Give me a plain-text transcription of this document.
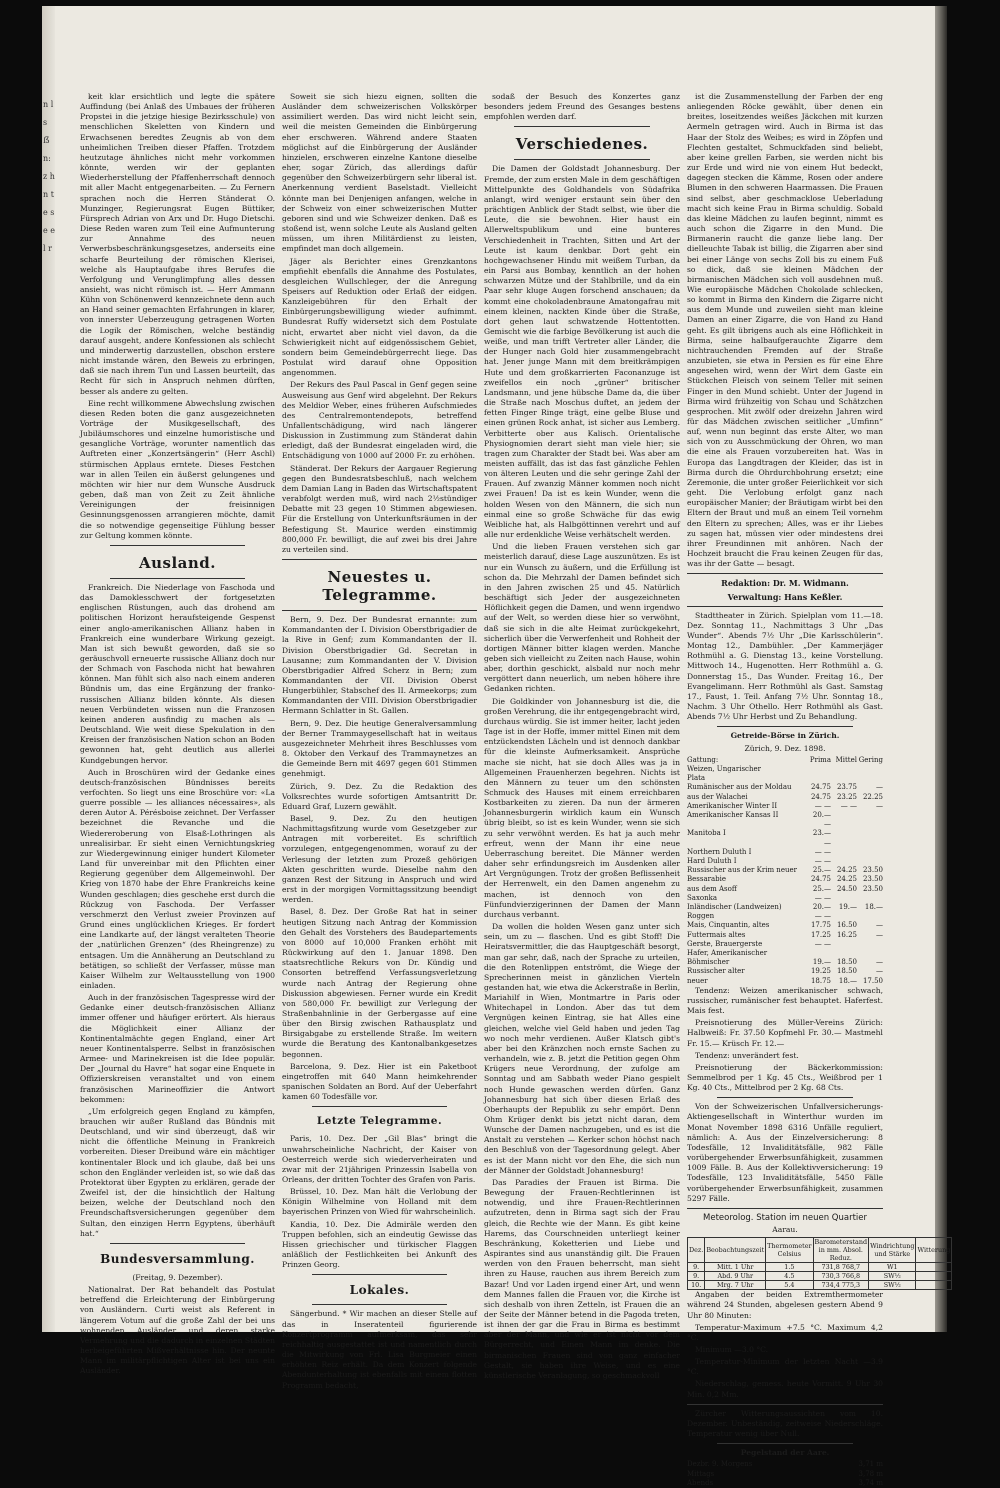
n l s ẞ n: z h n t e s e e l r

keit klar ersichtlich und legte die spätere Auffindung (bei Anlaß des Umbaues der früheren Propstei in die jetzige hiesige Bezirksschule) von menschlichen Skeletten von Kindern und Erwachsenen beredtes Zeugnis ab von dem unheimlichen Treiben dieser Pfaffen. Trotzdem heutzutage ähnliches nicht mehr vorkommen könnte, werden wir der geplanten Wiederherstellung der Pfaffenherrschaft dennoch mit aller Macht entgegenarbeiten. — Zu Fernern sprachen noch die Herren Ständerat O. Munzinger, Regierungsrat Eugen Büttiker, Fürsprech Adrian von Arx und Dr. Hugo Dietschi. Diese Reden waren zum Teil eine Aufmunterung zur Annahme des neuen Verwerbsbeschränkungsgesetzes, anderseits eine scharfe Beurteilung der römischen Klerisei, welche als Hauptaufgabe ihres Berufes die Verfolgung und Verunglimpfung alles dessen ansieht, was nicht römisch ist. — Herr Ammann Kühn von Schönenwerd kennzeichnete denn auch an Hand seiner gemachten Erfahrungen in klarer, von innerster Ueberzeugung getragenen Worten die Logik der Römischen, welche beständig darauf ausgeht, andere Konfessionen als schlecht und minderwertig darzustellen, obschon erstere nicht imstande wären, den Beweis zu erbringen, daß sie nach ihrem Tun und Lassen beurteilt, das Recht für sich in Anspruch nehmen dürften, besser als andere zu gelten.

Eine recht willkommene Abwechslung zwischen diesen Reden boten die ganz ausgezeichneten Vorträge der Musikgesellschaft, des Jubiläumschores und einzelne humoristische und gesangliche Vorträge, worunter namentlich das Auftreten einer „Konzertsängerin“ (Herr Aschl) stürmischen Applaus erntete. Dieses Festchen war in allen Teilen ein äußerst gelungenes und möchten wir hier nur dem Wunsche Ausdruck geben, daß man von Zeit zu Zeit ähnliche Vereinigungen der freisinnigen Gesinnungsgenossen arrangieren möchte, damit die so notwendige gegenseitige Fühlung besser zur Geltung kommen könnte.

Ausland.

Frankreich. Die Niederlage von Faschoda und das Damoklesschwert der fortgesetzten englischen Rüstungen, auch das drohend am politischen Horizont heraufsteigende Gespenst einer anglo-amerikanischen Allianz haben in Frankreich eine wunderbare Wirkung gezeigt. Man ist sich bewußt geworden, daß sie so geräuschvoll erneuerte russische Allianz doch nur der Schmach von Faschoda nicht hat bewahren können. Man fühlt sich also nach einem anderen Bündnis um, das eine Ergänzung der franko-russischen Allianz bilden könnte. Als diesen neuen Verbündeten wissen nun die Franzosen keinen anderen ausfindig zu machen als — Deutschland. Wie weit diese Spekulation in den Kreisen der französischen Nation schon an Boden gewonnen hat, geht deutlich aus allerlei Kundgebungen hervor.

Auch in Broschüren wird der Gedanke eines deutsch-französischen Bündnisses bereits verfochten. So liegt uns eine Broschüre vor: «La guerre possible — les alliances nécessaires», als deren Autor A. Pérésboise zeichnet. Der Verfasser bezeichnet die Revanche und die Wiedereroberung von Elsaß-Lothringen als unrealisirbar. Er sieht einen Vernichtungskrieg zur Wiedergewinnung einiger hundert Kilometer Land für unvereinbar mit den Pflichten einer Regierung gegenüber dem Allgemeinwohl. Der Krieg von 1870 habe der Ehre Frankreichs keine Wunden geschlagen; dies geschehe erst durch die Rückzug von Faschoda. Der Verfasser verschmerzt den Verlust zweier Provinzen auf Grund eines unglücklichen Krieges. Er fordert eine Landkarte auf, der längst veralteten Theorie der „natürlichen Grenzen“ (des Rheingrenze) zu entsagen. Um die Annäherung an Deutschland zu betätigen, so schließt der Verfasser, müsse man Kaiser Wilhelm zur Weltausstellung von 1900 einladen.

Auch in der französischen Tagespresse wird der Gedanke einer deutsch-französischen Allianz immer offener und häufiger erörtert. Als hieraus die Möglichkeit einer Allianz der Kontinentalmächte gegen England, einer Art neuer Kontinentalsperre. Selbst in französischen Armee- und Marinekreisen ist die Idee populär. Der „Journal du Havre“ hat sogar eine Enquete in Offizierskreisen veranstaltet und von einem französischen Marineoffizier die Antwort bekommen:

„Um erfolgreich gegen England zu kämpfen, brauchen wir außer Rußland das Bündnis mit Deutschland, und wir sind überzeugt, daß wir nicht die öffentliche Meinung in Frankreich vorbereiten. Dieser Dreibund wäre ein mächtiger kontinentaler Block und ich glaube, daß bei uns schon den Engländer verleiden ist, so wie daß das Protektorat über Egypten zu erklären, gerade der Zweifel ist, der die hinsichtlich der Haltung beizen, welche der Deutschland noch den Freundschaftsversicherungen gegenüber dem Sultan, den einzigen Herrn Egyptens, überhäuft hat.“

Bundesversammlung.
(Freitag, 9. Dezember).

Nationalrat. Der Rat behandelt das Postulat betreffend die Erleichterung der Einbürgerung von Ausländern. Curti weist als Referent in längerem Votum auf die große Zahl der bei uns wohnenden Ausländer und deren starke Vermehrung und die dadurch in einzelnen Städten herbeigeführten Mißverhältnisse hin. Der neunte Mann im militärpflichtigen Alter ist bei uns ein Ausländer.

Soweit sie sich hiezu eignen, sollten die Ausländer dem schweizerischen Volkskörper assimiliert werden. Das wird nicht leicht sein, weil die meisten Gemeinden die Einbürgerung eher erschweren. Während andere Staaten möglichst auf die Einbürgerung der Ausländer hinzielen, erschweren einzelne Kantone dieselbe eher, sogar Zürich, das allerdings dafür gegenüber den Schweizerbürgern sehr liberal ist. Anerkennung verdient Baselstadt. Vielleicht könnte man bei Denjenigen anfangen, welche in der Schweiz von einer schweizerischen Mutter geboren sind und wie Schweizer denken. Daß es stoßend ist, wenn solche Leute als Ausland gelten müssen, um ihren Militärdienst zu leisten, empfindet man doch allgemein.

Jäger als Berichter eines Grenzkantons empfiehlt ebenfalls die Annahme des Postulates, desgleichen Wullschleger, der die Anregung Speisers auf Reduktion oder Erlaß der eidgen. Kanzleigebühren für den Erhalt der Einbürgerungsbewilligung wieder aufnimmt. Bundesrat Ruffy widersetzt sich dem Postulate nicht, erwartet aber nicht viel davon, da die Schwierigkeit nicht auf eidgenössischem Gebiet, sondern beim Gemeindebürgerrecht liege. Das Postulat wird darauf ohne Opposition angenommen.

Der Rekurs des Paul Pascal in Genf gegen seine Ausweisung aus Genf wird abgelehnt. Der Rekurs des Meldior Weber, eines früheren Aufschmiedes des Centralremontendepots, betreffend Unfallentschädigung, wird nach längerer Diskussion in Zustimmung zum Ständerat dahin erledigt, daß der Bundesrat eingeladen wird, die Entschädigung von 1000 auf 2000 Fr. zu erhöhen.

Ständerat. Der Rekurs der Aargauer Regierung gegen den Bundesratsbeschluß, nach welchem dem Damian Lang in Baden das Wirtschaftspatent verabfolgt werden muß, wird nach 2½stündiger Debatte mit 23 gegen 10 Stimmen abgewiesen. Für die Erstellung von Unterkunftsräumen in der Befestigung St. Maurice werden einstimmig 800,000 Fr. bewilligt, die auf zwei bis drei Jahre zu verteilen sind.

Neuestes u. Telegramme.

Bern, 9. Dez. Der Bundesrat ernannte: zum Kommandanten der I. Division Oberstbrigadier de la Rive in Genf; zum Kommandanten der II. Division Oberstbrigadier Gd. Secretan in Lausanne; zum Kommandanten der V. Division Oberstbrigadier Alfred Scherz in Bern; zum Kommandanten der VII. Division Oberst Hungerbühler, Stabschef des II. Armeekorps; zum Kommandanten der VIII. Division Oberstbrigadier Hermann Schlatter in St. Gallen.

Bern, 9. Dez. Die heutige Generalversammlung der Berner Trammaygesellschaft hat in weitaus ausgezeichneter Mehrheit ihres Beschlusses vom 8. Oktober den Verkauf des Trammaynetzes an die Gemeinde Bern mit 4697 gegen 601 Stimmen genehmigt.

Zürich, 9. Dez. Zu die Redaktion des Volksrechtes wurde sofortigen Amtsantritt Dr. Eduard Graf, Luzern gewählt.

Basel, 9. Dez. Zu den heutigen Nachmittagsfitzung wurde vom Gesetzgeber zur Antragen mit vorbereitet. Es schriftlich vorzulegen, entgegengenommen, worauf zu der Verlesung der letzten zum Prozeß gehörigen Akten geschritten wurde. Dieselbe nahm den ganzen Rest der Sitzung in Anspruch und wird erst in der morgigen Vormittagssitzung beendigt werden.

Basel, 8. Dez. Der Große Rat hat in seiner heutigen Sitzung nach Antrag der Kommission den Gehalt des Vorstehers des Baudepartements von 8000 auf 10,000 Franken erhöht mit Rückwirkung auf den 1. Januar 1898. Den staatsrechtliche Rekurs von Dr. Kündig und Consorten betreffend Verfassungsverletzung wurde nach Antrag der Regierung ohne Diskussion abgewiesen. Ferner wurde ein Kredit von 580,000 Fr. bewilligt zur Verlegung der Straßenbahnlinie in der Gerbergasse auf eine über den Birsig zwischen Rathausplatz und Birsigabgabe zu erstellende Straße. Im weitern wurde die Beratung des Kantonalbankgesetzes begonnen.

Barcelona, 9. Dez. Hier ist ein Paketboot eingetroffen mit 640 Mann heimkehrender spanischen Soldaten an Bord. Auf der Ueberfahrt kamen 60 Todesfälle vor.

Letzte Telegramme.

Paris, 10. Dez. Der „Gil Blas“ bringt die unwahrscheinliche Nachricht, der Kaiser von Oesterreich werde sich wiederverheiraten und zwar mit der 21jährigen Prinzessin Isabella von Orleans, der dritten Tochter des Grafen von Paris.

Brüssel, 10. Dez. Man hält die Verlobung der Königin Wilhelmine von Holland mit dem bayerischen Prinzen von Wied für wahrscheinlich.

Kandia, 10. Dez. Die Admiräle werden den Truppen befohlen, sich an eindeutig Gewisse das Hissen griechischer und türkischer Flaggen anläßlich der Festlichkeiten bei Ankunft des Prinzen Georg.

Lokales.

Sängerbund. * Wir machen an dieser Stelle auf das in Inseratenteil figurierende Konzertprogramm aufmerksam, das sehr reichhaltig ausgestattet ist und namentlich durch die Mitwirkung von Frl. Lisa Burgmeier einen erhöhten Reiz erhält. Da dem Konzert folgende Abendunterhaltung ist ebenfalls mit einem flotten Programm bedacht,

sodaß der Besuch des Konzertes ganz besonders jedem Freund des Gesanges bestens empfohlen werden darf.

Verschiedenes.

Die Damen der Goldstadt Johannesburg. Der Fremde, der zum ersten Male in dem geschäftigen Mittelpunkte des Goldhandels von Südafrika anlangt, wird weniger erstaunt sein über den prächtigen Anblick der Stadt selbst, wie über die Leute, die sie bewohnen. Hier haust ein Allerweltspublikum und eine bunteres Verschiedenheit in Trachten, Sitten und Art der Leute ist kaum denkbar. Dort geht ein hochgewachsener Hindu mit weißem Turban, da ein Parsi aus Bombay, kenntlich an der hohen schwarzen Mütze und der Stahlbrille, und da ein Paar sehr kluge Augen forschend anschauen; da kommt eine chokoladenbraune Amatongafrau mit einem kleinen, nackten Kinde über die Straße, dort gehen laut schwatzende Hottentotten. Gemischt wie die farbige Bevölkerung ist auch die weiße, und man trifft Vertreter aller Länder, die der Hunger nach Gold hier zusammengebracht hat. Jener junge Mann mit dem breitkrämpigen Hute und dem großkarrierten Faconanzuge ist zweifellos ein noch „grüner“ britischer Landsmann, und jene hübsche Dame da, die über die Straße nach Moschus duftet, an jedem der fetten Finger Ringe trägt, eine gelbe Bluse und einen grünen Rock anhat, ist sicher aus Lemberg. Verbitterte ober aus Kalisch. Orientalische Physiognomien derart sieht man viele hier; sie tragen zum Charakter der Stadt bei. Was aber am meisten auffällt, das ist das fast gänzliche Fehlen von älteren Leuten und die sehr geringe Zahl der Frauen. Auf zwanzig Männer kommen noch nicht zwei Frauen! Da ist es kein Wunder, wenn die holden Wesen von den Männern, die sich nun einmal eine so große Schwäche für das ewig Weibliche hat, als Halbgöttinnen verehrt und auf alle nur erdenkliche Weise verhätschelt werden.

Und die lieben Frauen verstehen sich gar meisterlich darauf, diese Lage auszunützen. Es ist nur ein Wunsch zu äußern, und die Erfüllung ist schon da. Die Mehrzahl der Damen befindet sich in den Jahren zwischen 25 und 45. Natürlich beschäftigt sich Jeder der ausgezeichneten Höflichkeit gegen die Damen, und wenn irgendwo auf der Welt, so werden diese hier so verwöhnt, daß sie sich in die alte Heimat zurückgekehrt, sicherlich über die Verwerfenheit und Rohheit der dortigen Männer bitter klagen werden. Manche geben sich vielleicht zu Zeiten nach Hause, wohin aber, dorthin geschickt, alsbald nur noch mehr vergöttert dann neuerlich, um neben höhere ihre Gedanken richten.

Die Goldkinder von Johannesburg ist die, die großen Verehrung, die ihr entgegengebracht wird, durchaus würdig. Sie ist immer heiter, lacht jeden Tage ist in der Hoffe, immer mittel Einen mit dem entzückendsten Lächeln und ist dennoch dankbar für die kleinste Aufmerksamkeit. Ansprüche mache sie nicht, hat sie doch Alles was ja in Allgemeinen Frauenherzen begehren. Nichts ist den Männern zu teuer um den schönsten Schmuck des Hauses mit einem erreichbaren Kostbarkeiten zu zieren. Da nun der ärmeren Johannesburgerin wirklich kaum ein Wunsch übrig bleibt, so ist es kein Wunder, wenn sie sich zu sehr verwöhnt werden. Es hat ja auch mehr erfreut, wenn der Mann ihr eine neue Ueberraschung bereitet. Die Männer werden daher sehr erfindungsreich im Ausdenken aller Art Vergnügungen. Trotz der großen Beflissenheit der Herrenwelt, ein den Damen angenehm zu machen, ist dennoch von den Fünfundvierzigerinnen der Damen der Mann durchaus verbannt.

Da wollen die holden Wesen ganz unter sich sein, um zu — flaschen. Und es gibt Stoff! Die Heiratsvermittler, die das Hauptgeschäft besorgt, man gar sehr, daß, nach der Sprache zu urteilen, die den Rotenlippen entströmt, die Wiege der Sprecherinnen meist in gänzlichen Vierteln gestanden hat, wie etwa die Ackerstraße in Berlin, Mariahilf in Wien, Montmartre in Paris oder Whitechapel in London. Aber das tut dem Vergnügen keinen Eintrag, sie hat Alles eine gleichen, welche viel Geld haben und jeden Tag wo noch mehr verdienen. Außer Klatsch gibt's aber bei den Kränzchen noch ernste Sachen zu verhandeln, wie z. B. jetzt die Petition gegen Ohm Krügers neue Verordnung, der zufolge am Sonntag und am Sabbath weder Piano gespielt noch Hunde gewaschen werden dürfen. Ganz Johannesburg hat sich über diesen Erlaß des Oberhaupts der Republik zu sehr empört. Denn Ohm Krüger denkt bis jetzt nicht daran, dem Wunsche der Damen nachzugeben, und es ist die Anstalt zu verstehen — Kerker schon höchst nach den Beschluß von der Tagesordnung gelegt. Aber es ist der Mann nicht vor den Ehe, die sich nun der Männer der Goldstadt Johannesburg!

Das Paradies der Frauen ist Birma. Die Bewegung der Frauen-Rechtlerinnen ist notwendig, und ihre Frauen-Rechtlerinnen aufzutreten, denn in Birma sagt sich der Frau gleich, die Rechte wie der Mann. Es gibt keine Harems, das Courschneiden unterliegt keiner Beschränkung, Koketterien und Liebe und Aspirantes sind aus unanständig gilt. Die Frauen werden von den Frauen beherrscht, man sieht ihren zu Hause, rauchen aus ihrem Bereich zum Bazar! Und vor Laden irgend einer Art, und wenn dem Mannes fallen die Frauen vor, die Kirche ist sich deshalb von ihren Zetteln, ist Frauen die an der Seite der Männer betend in die Pagoda treten, ist ihnen der gar die Frau in Birma es bestimmt aber der Mann, und wie er ist nicht vor dem Bürgerrecht, und Einen Mann im denke. Die birmanischen Frauen sind von ganz einfacher Gestalt, sie haben ihre Weise, und es eine künstlerische Veranlagung, so geschmackvoll

ist die Zusammenstellung der Farben der eng anliegenden Röcke gewählt, über denen ein breites, loseitzendes weißes Jäckchen mit kurzen Aermeln getragen wird. Auch in Birma ist das Haar der Stolz des Weibes; es wird in Zöpfen und Flechten gestaltet, Schmuckfaden sind beliebt, aber keine grellen Farben, sie werden nicht bis zur Erde und wird nie von einem Hut bedeckt, dagegen stecken die Kämme, Rosen oder andere Blumen in den schweren Haarmassen. Die Frauen sind selbst, aber geschmacklose Ueberladung macht sich keine Frau in Birma schuldig. Sobald das kleine Mädchen zu laufen beginnt, nimmt es auch schon die Zigarre in den Mund. Die Birmanerin raucht die ganze liebe lang. Der dielleuchte Tabak ist billig, die Zigarren aber sind bei einer Länge von sechs Zoll bis zu einem Fuß so dick, daß sie kleinen Mädchen der birmanischen Mädchen sich voll ausdehnen muß. Wie europäische Mädchen Chokolade schlecken, so kommt in Birma den Kindern die Zigarre nicht aus dem Munde und zuweilen sieht man kleine Damen an einer Zigarre, die von Hand zu Hand geht. Es gilt übrigens auch als eine Höflichkeit in Birma, seine halbaufgerauchte Zigarre dem nichtrauchenden Fremden auf der Straße anzubieten, sie etwa in Persien es für eine Ehre angesehen wird, wenn der Wirt dem Gaste ein Stückchen Fleisch von seinem Teller mit seinen Finger in den Mund schiebt. Unter der Jugend in Birma wird frühzeitig von Schau und Schätzchen gesprochen. Mit zwölf oder dreizehn Jahren wird für das Mädchen zwischen seitlicher „Umfinn“ auf, wenn nun beginnt das erste Alter, wo man sich von zu Ausschmückung der Ohren, wo man die eine als Frauen vorzubereiten hat. Was in Europa das Langdtragen der Kleider, das ist in Birma durch die Ohrdurchbohrung ersetzt; eine Zeremonie, die unter großer Feierlichkeit vor sich geht. Die Verlobung erfolgt ganz nach europäischer Manier; der Bräutigam wirbt bei den Eltern der Braut und muß an einem Teil vornehm den Eltern zu sprechen; Alles, was er ihr Liebes zu sagen hat, müssen vier oder mindestens drei ihrer Freundinnen mit anhören. Nach der Hochzeit braucht die Frau keinen Zeugen für das, was ihr der Gatte — besagt.

Redaktion: Dr. M. Widmann.
Verwaltung: Hans Keßler.

Stadttheater in Zürich. Spielplan vom 11.—18. Dez. Sonntag 11., Nachmittags 3 Uhr „Das Wunder“. Abends 7½ Uhr „Die Karlsschülerin“. Montag 12., Dambühler. „Der Kammerjäger Rothmühl a. G. Dienstag 13., keine Vorstellung. Mittwoch 14., Hugenotten. Herr Rothmühl a. G. Donnerstag 15., Das Wunder. Freitag 16., Der Evangelimann. Herr Rothmühl als Gast. Samstag 17., Faust, 1. Teil. Anfang 7½ Uhr. Sonntag 18., Nachm. 3 Uhr Othello. Herr Rothmühl als Gast. Abends 7½ Uhr Herbst und Zu Behandlung.

Getreide-Börse in Zürich.
Zürich, 9. Dez. 1898.
Gattung:	Prima	Mittel	Gering
Weizen, Ungarischer			
Plata			
Rumänischer aus der Moldau	24.75	23.75	—
aus der Walachei	24.75	23.25	22.25
Amerikanischer Winter II	— —	— —	—
Amerikanischer Kansas II	20.— —		
Manitoba I	23.— —		
Northern Duluth I	— —		
Hard Duluth I	— —		
Russischer aus der Krim neuer	25.—	24.25	23.50
Bessarabie	24.75	24.25	23.50
aus dem Asoff	25.—	24.50	23.50
Saxonka	— —		
Inländischer (Landweizen)	20.—	19.—	18.—
Roggen	— —		
Mais, Cinquantin, altes	17.75	16.50	—
Futtermais altes	17.25	16.25	—
Gerste, Brauergerste	— —		
Hafer, Amerikanischer			
Böhmischer	19.—	18.50	—
Russischer alter	19.25	18.50	—
neuer	18.75	18.—	17.50

Tendenz: Weizen amerikanischer schwach, russischer, rumänischer fest behauptet. Haferfest. Mais fest.

Preisnotierung des Müller-Vereins Zürich: Halbweiß: Fr. 37.50 Kopfmehl Fr. 30.— Mastmehl Fr. 15.— Krüsch Fr. 12.—

Tendenz: unverändert fest.

Preisnotierung der Bäckerkommission: Semmelbrod per 1 Kg. 45 Cts., Weißbrod per 1 Kg. 40 Cts., Mittelbrod per 2 Kg. 68 Cts.

Von der Schweizerischen Unfallversicherungs-Aktiengesellschaft in Winterthur wurden im Monat November 1898 6316 Unfälle reguliert, nämlich: A. Aus der Einzelversicherung: 8 Todesfälle, 12 Invaliditätsfälle, 982 Fälle vorübergehender Erwerbsunfähigkeit, zusammen 1009 Fälle. B. Aus der Kollektivversicherung: 19 Todesfälle, 123 Invaliditätsfälle, 5450 Fälle vorübergehender Erwerbsunfähigkeit, zusammen 5297 Fälle.

Meteorolog. Station im neuen Quartier
Aarau.
Dez.	Beobachtungszeit	Thermometer Celsius	Barometerstand in mm. Absol. Reduz.	Windrichtung und Stärke	Witterung
9.	Mitt. 1 Uhr	1.5	731,8 768,7	W1	
9.	Abd. 9 Uhr	4.5	730,3 766,8	SW½	
10.	Mrg. 7 Uhr	5.4	734,4 775,3	SW½	

Angaben der beiden Extremthermometer während 24 Stunden, abgelesen gestern Abend 9 Uhr 80 Minuten:

Temperatur-Maximum +7.5 °C. Maximum 4,2 °C.

Minimum —3.0 °C.

Temperatur-Minimum der letzten Nacht —3.9 °C.

Niederschlag, gemess. heute Vormitt. 9 Uhr 30 Min. 0,2 Mm.

Zürcher Witterungsaussichten vom 10. Dezember. Unbeständig, zeitweise Niederschläge. Temperatur wenig über Null.

Pegelstand der Aare.
Dezbr. 9. Morgens	3,71 m
Mittags	3,78 m
Abends	3,74 m
